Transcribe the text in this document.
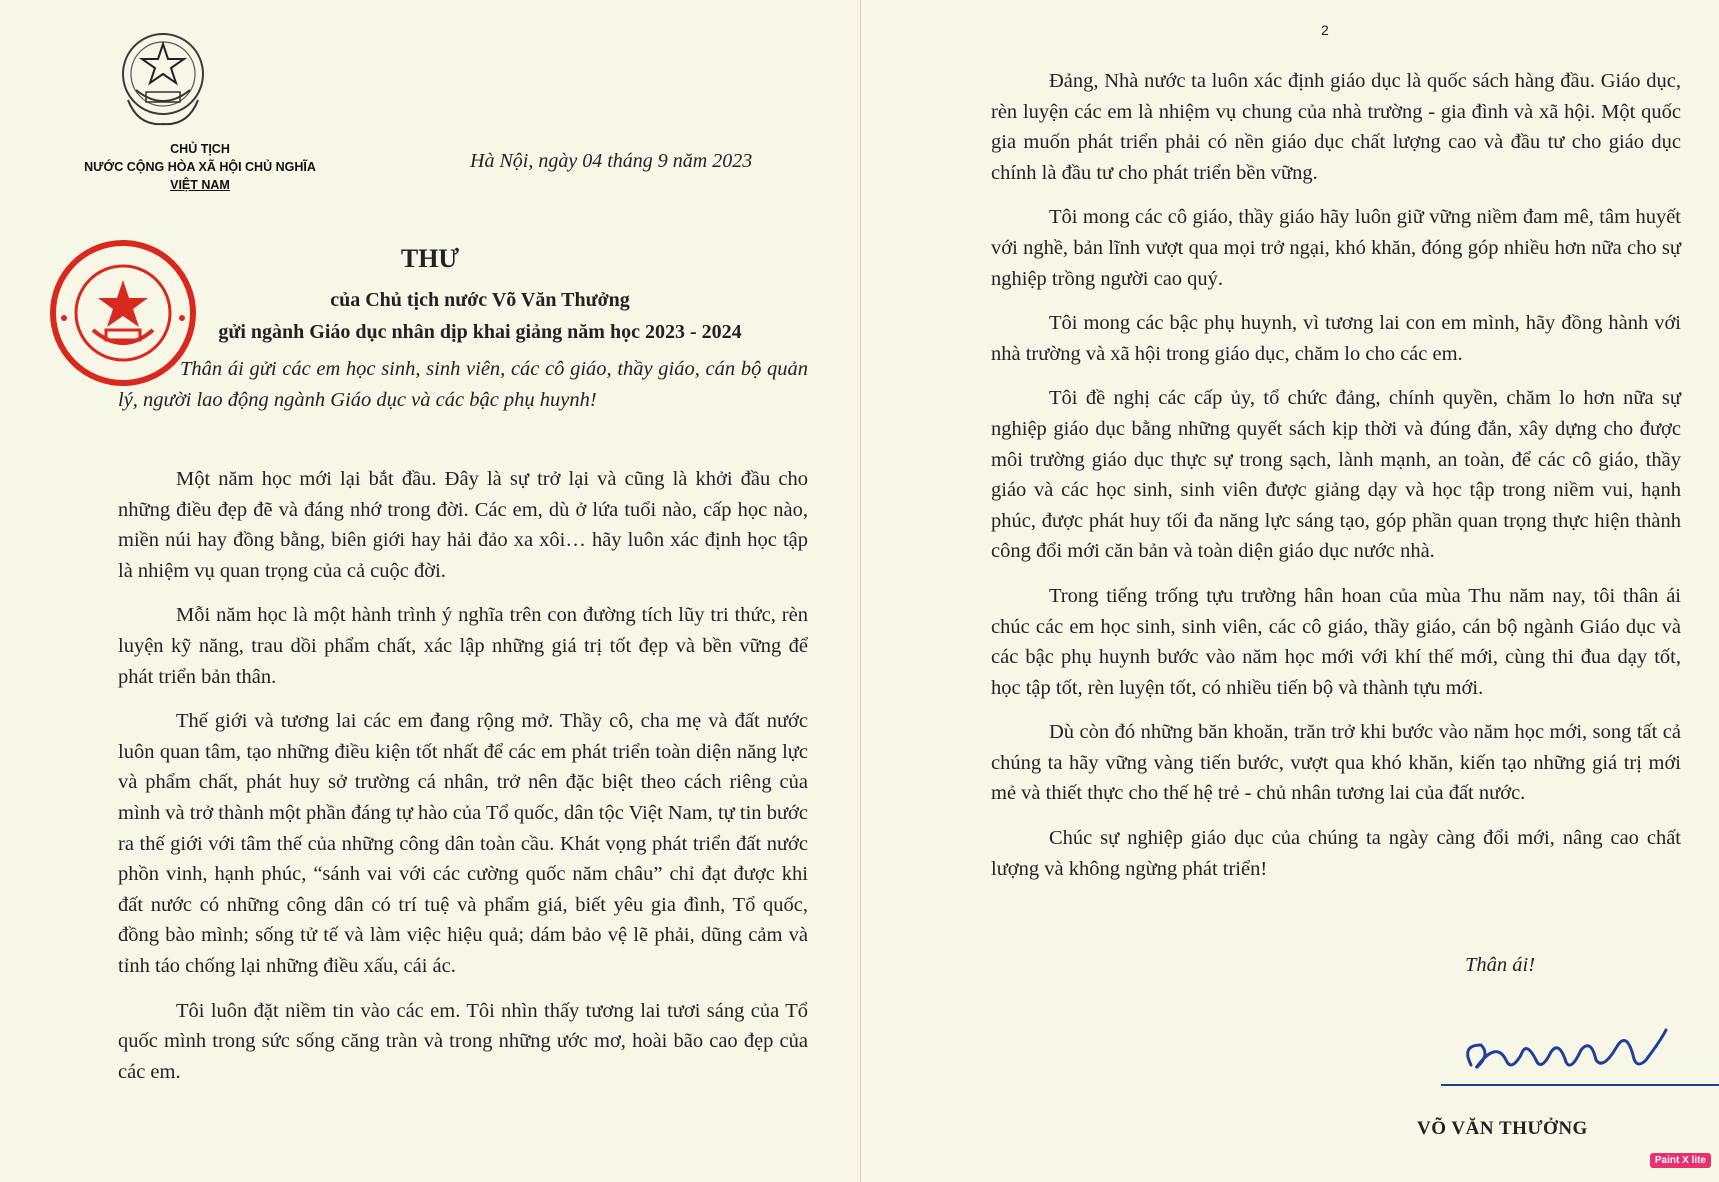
CHỦ TỊCH
NƯỚC CỘNG HÒA XÃ HỘI CHỦ NGHĨA
VIỆT NAM
Hà Nội, ngày 04 tháng 9 năm 2023
THƯ
của Chủ tịch nước Võ Văn Thưởng
gửi ngành Giáo dục nhân dịp khai giảng năm học 2023 - 2024
Thân ái gửi các em học sinh, sinh viên, các cô giáo, thầy giáo, cán bộ quản lý, người lao động ngành Giáo dục và các bậc phụ huynh!

Một năm học mới lại bắt đầu. Đây là sự trở lại và cũng là khởi đầu cho những điều đẹp đẽ và đáng nhớ trong đời. Các em, dù ở lứa tuổi nào, cấp học nào, miền núi hay đồng bằng, biên giới hay hải đảo xa xôi… hãy luôn xác định học tập là nhiệm vụ quan trọng của cả cuộc đời.

Mỗi năm học là một hành trình ý nghĩa trên con đường tích lũy tri thức, rèn luyện kỹ năng, trau dồi phẩm chất, xác lập những giá trị tốt đẹp và bền vững để phát triển bản thân.

Thế giới và tương lai các em đang rộng mở. Thầy cô, cha mẹ và đất nước luôn quan tâm, tạo những điều kiện tốt nhất để các em phát triển toàn diện năng lực và phẩm chất, phát huy sở trường cá nhân, trở nên đặc biệt theo cách riêng của mình và trở thành một phần đáng tự hào của Tổ quốc, dân tộc Việt Nam, tự tin bước ra thế giới với tâm thế của những công dân toàn cầu. Khát vọng phát triển đất nước phồn vinh, hạnh phúc, “sánh vai với các cường quốc năm châu” chỉ đạt được khi đất nước có những công dân có trí tuệ và phẩm giá, biết yêu gia đình, Tổ quốc, đồng bào mình; sống tử tế và làm việc hiệu quả; dám bảo vệ lẽ phải, dũng cảm và tỉnh táo chống lại những điều xấu, cái ác.

Tôi luôn đặt niềm tin vào các em. Tôi nhìn thấy tương lai tươi sáng của Tổ quốc mình trong sức sống căng tràn và trong những ước mơ, hoài bão cao đẹp của các em.

2

Đảng, Nhà nước ta luôn xác định giáo dục là quốc sách hàng đầu. Giáo dục, rèn luyện các em là nhiệm vụ chung của nhà trường - gia đình và xã hội. Một quốc gia muốn phát triển phải có nền giáo dục chất lượng cao và đầu tư cho giáo dục chính là đầu tư cho phát triển bền vững.

Tôi mong các cô giáo, thầy giáo hãy luôn giữ vững niềm đam mê, tâm huyết với nghề, bản lĩnh vượt qua mọi trở ngại, khó khăn, đóng góp nhiều hơn nữa cho sự nghiệp trồng người cao quý.

Tôi mong các bậc phụ huynh, vì tương lai con em mình, hãy đồng hành với nhà trường và xã hội trong giáo dục, chăm lo cho các em.

Tôi đề nghị các cấp ủy, tổ chức đảng, chính quyền, chăm lo hơn nữa sự nghiệp giáo dục bằng những quyết sách kịp thời và đúng đắn, xây dựng cho được môi trường giáo dục thực sự trong sạch, lành mạnh, an toàn, để các cô giáo, thầy giáo và các học sinh, sinh viên được giảng dạy và học tập trong niềm vui, hạnh phúc, được phát huy tối đa năng lực sáng tạo, góp phần quan trọng thực hiện thành công đổi mới căn bản và toàn diện giáo dục nước nhà.

Trong tiếng trống tựu trường hân hoan của mùa Thu năm nay, tôi thân ái chúc các em học sinh, sinh viên, các cô giáo, thầy giáo, cán bộ ngành Giáo dục và các bậc phụ huynh bước vào năm học mới với khí thế mới, cùng thi đua dạy tốt, học tập tốt, rèn luyện tốt, có nhiều tiến bộ và thành tựu mới.

Dù còn đó những băn khoăn, trăn trở khi bước vào năm học mới, song tất cả chúng ta hãy vững vàng tiến bước, vượt qua khó khăn, kiến tạo những giá trị mới mẻ và thiết thực cho thế hệ trẻ - chủ nhân tương lai của đất nước.

Chúc sự nghiệp giáo dục của chúng ta ngày càng đổi mới, nâng cao chất lượng và không ngừng phát triển!

Thân ái!
VÕ VĂN THƯỞNG
Paint X lite
